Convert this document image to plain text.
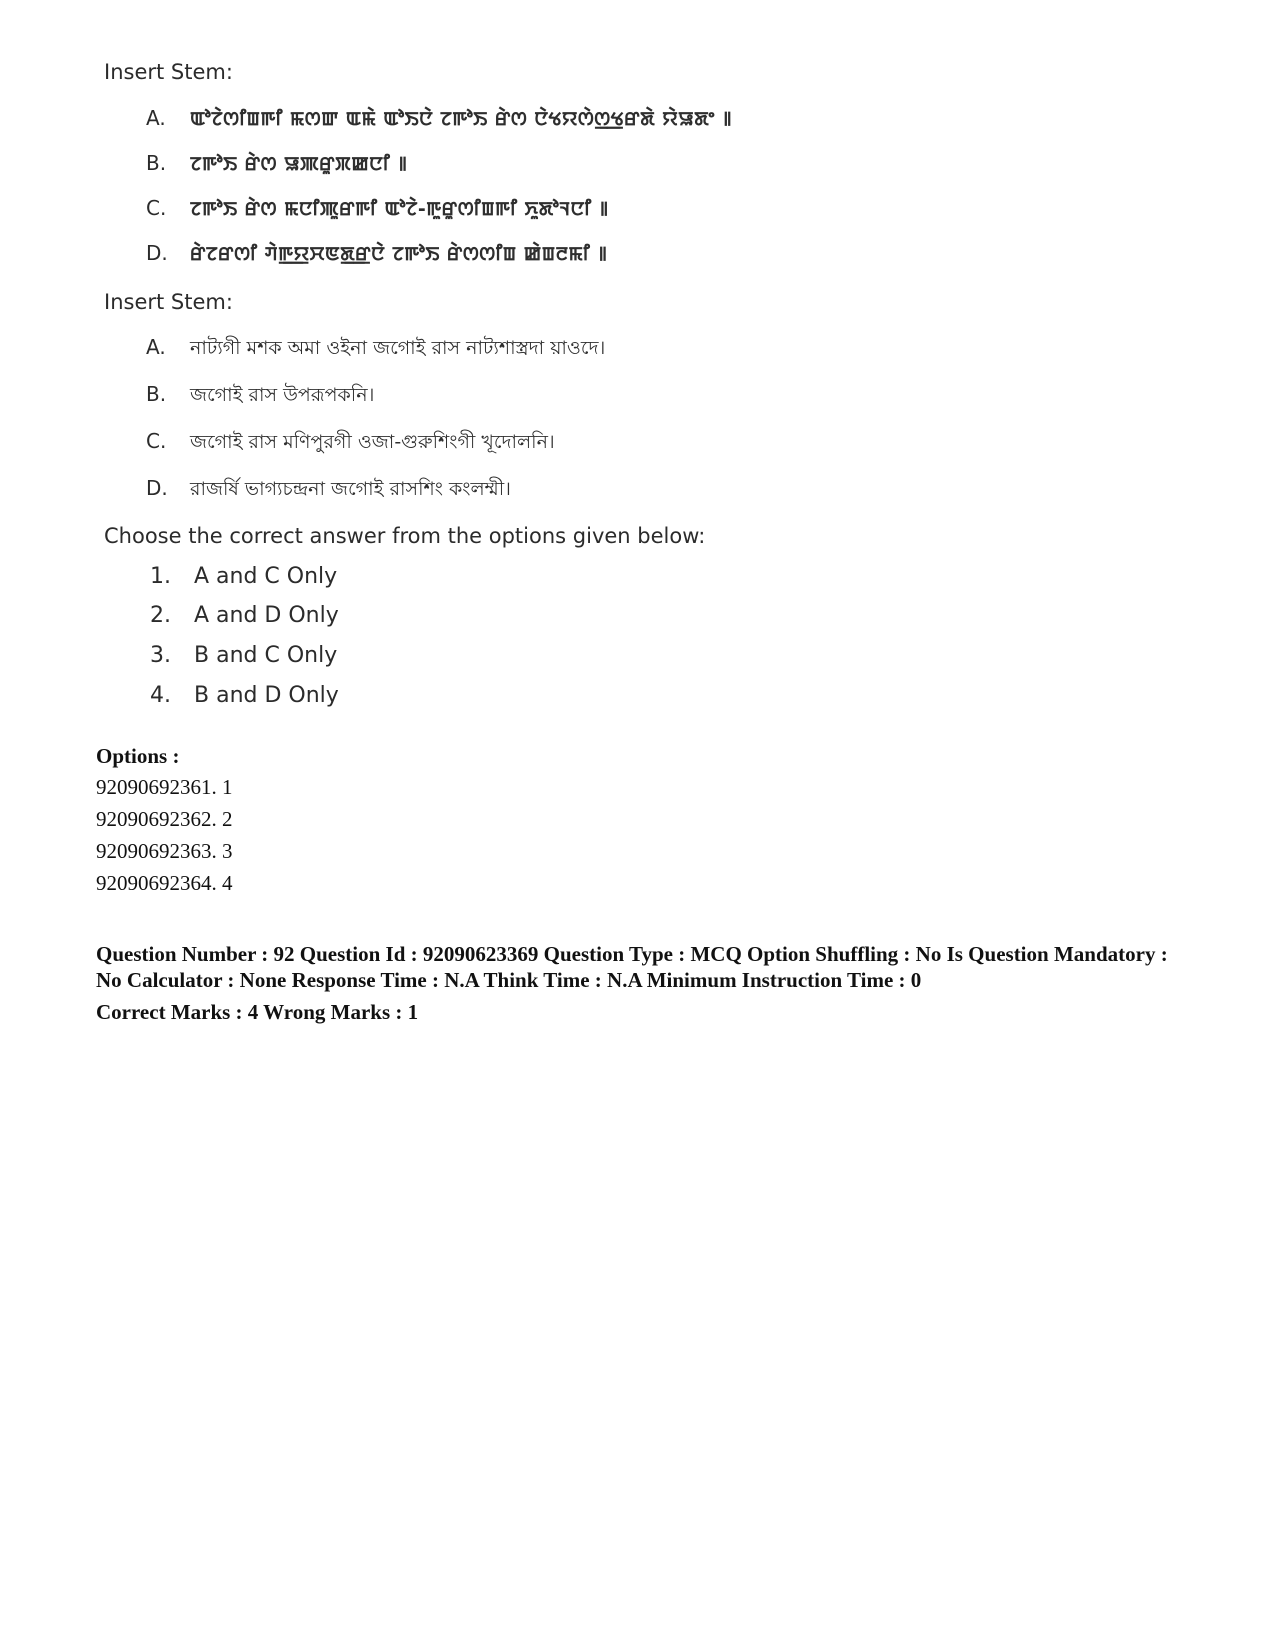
Insert Stem:
A. ꯑꯣꯖꯥꯁꯤꯡꯒꯤ ꯃꯁꯛ ꯑꯃꯥ ꯑꯣꯏꯅꯥ ꯖꯒꯣꯏ ꯔꯥꯁ ꯅꯥꯠꯌꯁꯥꯁ꯭ꯠꯔꯗꯥ ꯌꯥꯎꯗꯦ ꯫
B. ꯖꯒꯣꯏ ꯔꯥꯁ ꯎꯄꯔꯨꯞꯀꯅꯤ ꯫
C. ꯖꯒꯣꯏ ꯔꯥꯁ ꯃꯅꯤꯄꯨꯔꯒꯤ ꯑꯣꯖꯥ-ꯒꯨꯔꯨꯁꯤꯡꯒꯤ ꯈꯨꯗꯣꯜꯅꯤ ꯫
D. ꯔꯥꯖꯔꯁꯤ ꯚꯥꯒ꯭ꯌꯆꯟꯗ꯭ꯔꯅꯥ ꯖꯒꯣꯏ ꯔꯥꯁꯁꯤꯡ ꯀꯥꯡꯂꯃꯤ ꯫
Insert Stem:
A. নাট্যগী মশক অমা ওইনা জগোই রাস নাট্যশাস্ত্রদা য়াওদে।
B. জগোই রাস উপরূপকনি।
C. জগোই রাস মণিপুরগী ওজা-গুরুশিংগী খূদোলনি।
D. রাজর্ষি ভাগ্যচন্দ্রনা জগোই রাসশিং কংলম্মী।
Choose the correct answer from the options given below:
1. A and C Only
2. A and D Only
3. B and C Only
4. B and D Only
Options :
92090692361. 1
92090692362. 2
92090692363. 3
92090692364. 4

Question Number : 92 Question Id : 92090623369 Question Type : MCQ Option Shuffling : No Is Question Mandatory : No Calculator : None Response Time : N.A Think Time : N.A Minimum Instruction Time : 0

Correct Marks : 4 Wrong Marks : 1
